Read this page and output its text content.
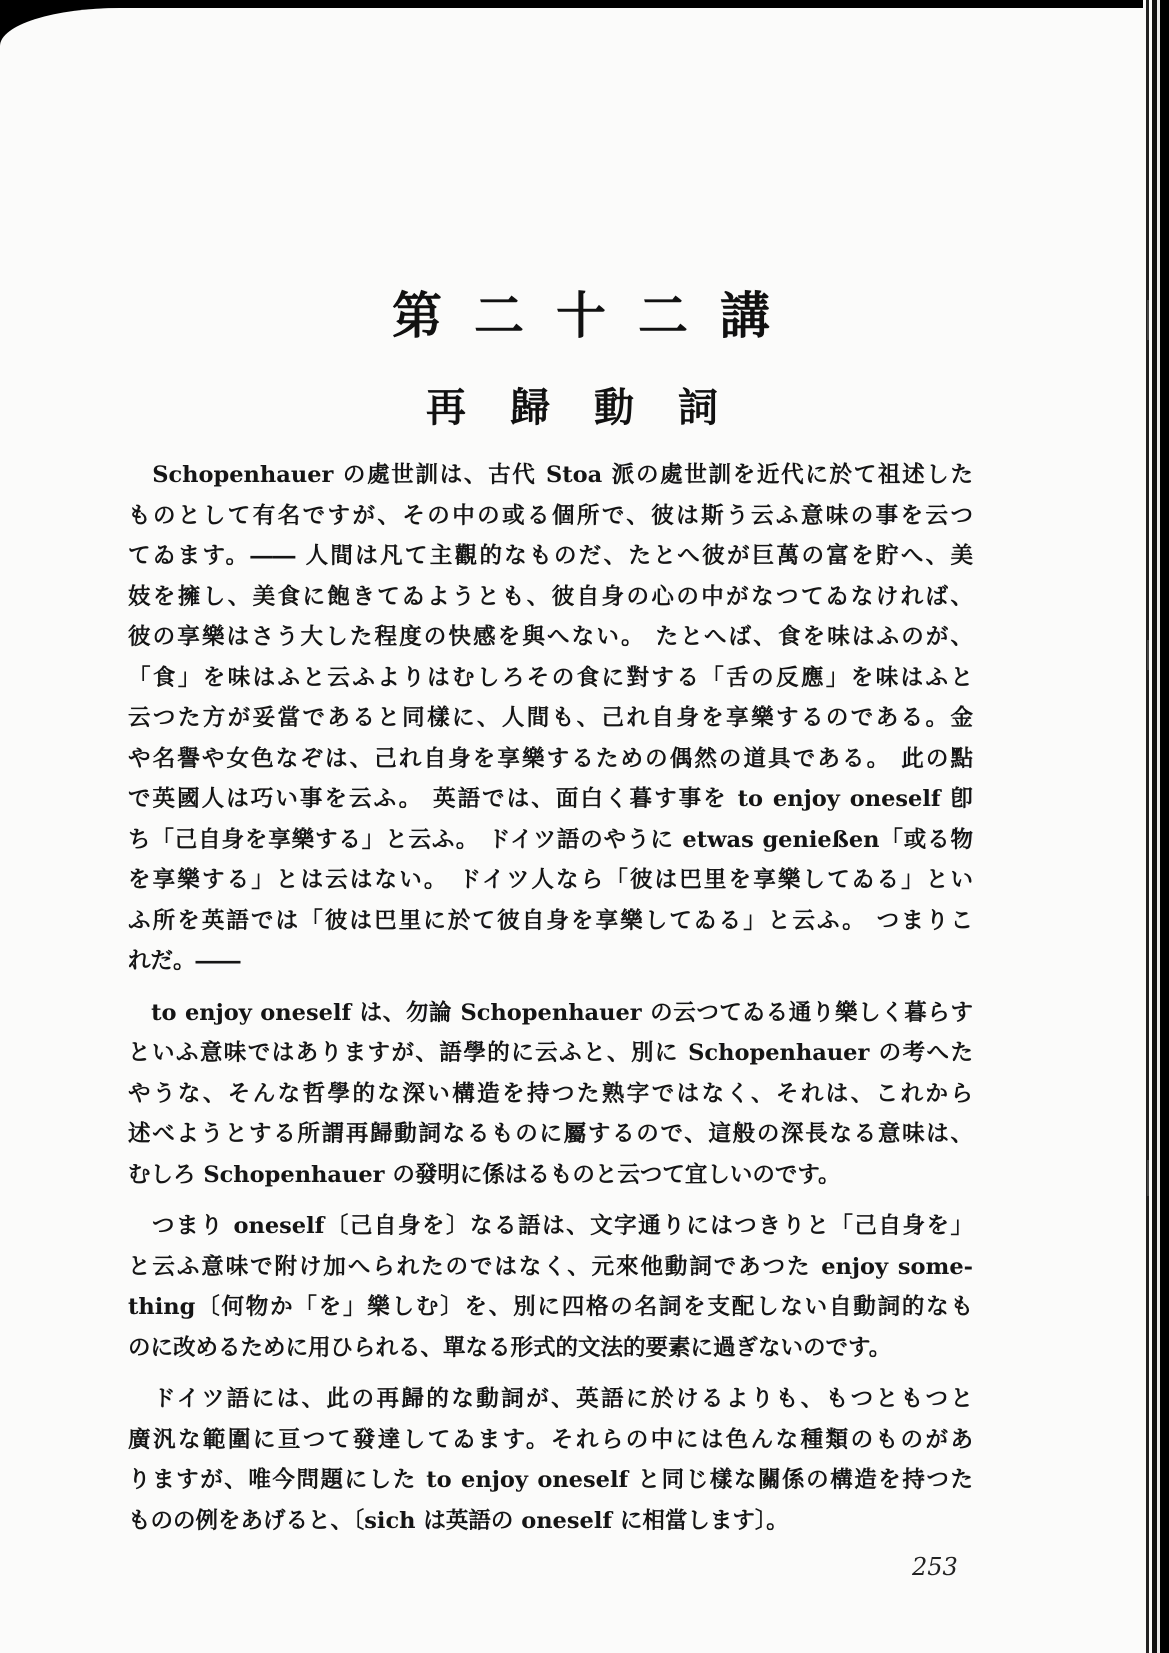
第二十二講
再歸動詞
　Schopenhauer の處世訓は、古代 Stoa 派の處世訓を近代に於て祖述した
ものとして有名ですが、その中の或る個所で、彼は斯う云ふ意味の事を云つ
てゐます。―― 人間は凡て主觀的なものだ、たとへ彼が巨萬の富を貯へ、美
妓を擁し、美食に飽きてゐようとも、彼自身の心の中がなつてゐなければ、
彼の享樂はさう大した程度の快感を與へない。 たとへば、食を味はふのが、
「食」を味はふと云ふよりはむしろその食に對する「舌の反應」を味はふと
云つた方が妥當であると同樣に、人間も、己れ自身を享樂するのである。金
や名譽や女色なぞは、己れ自身を享樂するための偶然の道具である。 此の點
で英國人は巧い事を云ふ。 英語では、面白く暮す事を to enjoy oneself 卽
ち「己自身を享樂する」と云ふ。 ドイツ語のやうに etwas genießen「或る物
を享樂する」とは云はない。 ドイツ人なら「彼は巴里を享樂してゐる」とい
ふ所を英語では「彼は巴里に於て彼自身を享樂してゐる」と云ふ。 つまりこ
れだ。――
　to enjoy oneself は、勿論 Schopenhauer の云つてゐる通り樂しく暮らす
といふ意味ではありますが、語學的に云ふと、別に Schopenhauer の考へた
やうな、そんな哲學的な深い構造を持つた熟字ではなく、それは、これから
述べようとする所謂再歸動詞なるものに屬するので、這般の深長なる意味は、
むしろ Schopenhauer の發明に係はるものと云つて宜しいのです。
　つまり oneself〔己自身を〕なる語は、文字通りにはつきりと「己自身を」
と云ふ意味で附け加へられたのではなく、元來他動詞であつた enjoy some-
thing〔何物か「を」樂しむ〕を、別に四格の名詞を支配しない自動詞的なも
のに改めるために用ひられる、單なる形式的文法的要素に過ぎないのです。
　ドイツ語には、此の再歸的な動詞が、英語に於けるよりも、もつともつと
廣汎な範圍に亘つて發達してゐます。それらの中には色んな種類のものがあ
りますが、唯今問題にした to enjoy oneself と同じ樣な關係の構造を持つた
ものの例をあげると、〔sich は英語の oneself に相當します〕。
253
